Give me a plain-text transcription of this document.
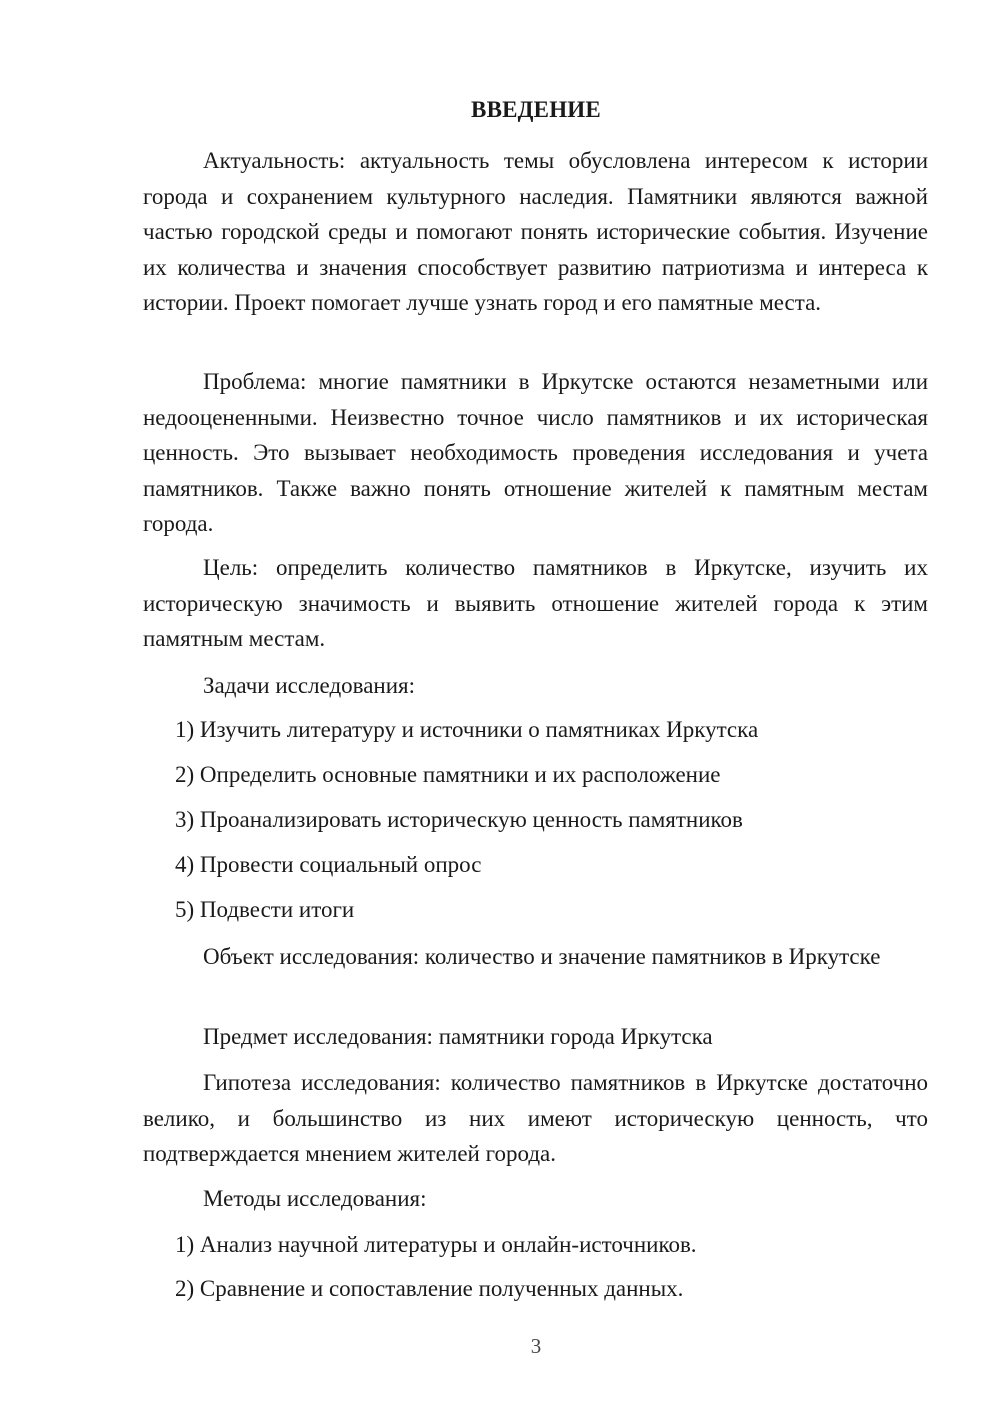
ВВЕДЕНИЕ

Актуальность: актуальность темы обусловлена интересом к истории города и сохранением культурного наследия. Памятники являются важной частью городской среды и помогают понять исторические события. Изучение их количества и значения способствует развитию патриотизма и интереса к истории. Проект помогает лучше узнать город и его памятные места.

Проблема: многие памятники в Иркутске остаются незаметными или недооцененными. Неизвестно точное число памятников и их историческая ценность. Это вызывает необходимость проведения исследования и учета памятников. Также важно понять отношение жителей к памятным местам города.

Цель: определить количество памятников в Иркутске, изучить их историческую значимость и выявить отношение жителей города к этим памятным местам.

Задачи исследования:

1) Изучить литературу и источники о памятниках Иркутска

2) Определить основные памятники и их расположение

3) Проанализировать историческую ценность памятников

4) Провести социальный опрос

5) Подвести итоги

Объект исследования: количество и значение памятников в Иркутске

Предмет исследования: памятники города Иркутска

Гипотеза исследования: количество памятников в Иркутске достаточно велико, и большинство из них имеют историческую ценность, что подтверждается мнением жителей города.

Методы исследования:

1) Анализ научной литературы и онлайн-источников.

2) Сравнение и сопоставление полученных данных.

3
